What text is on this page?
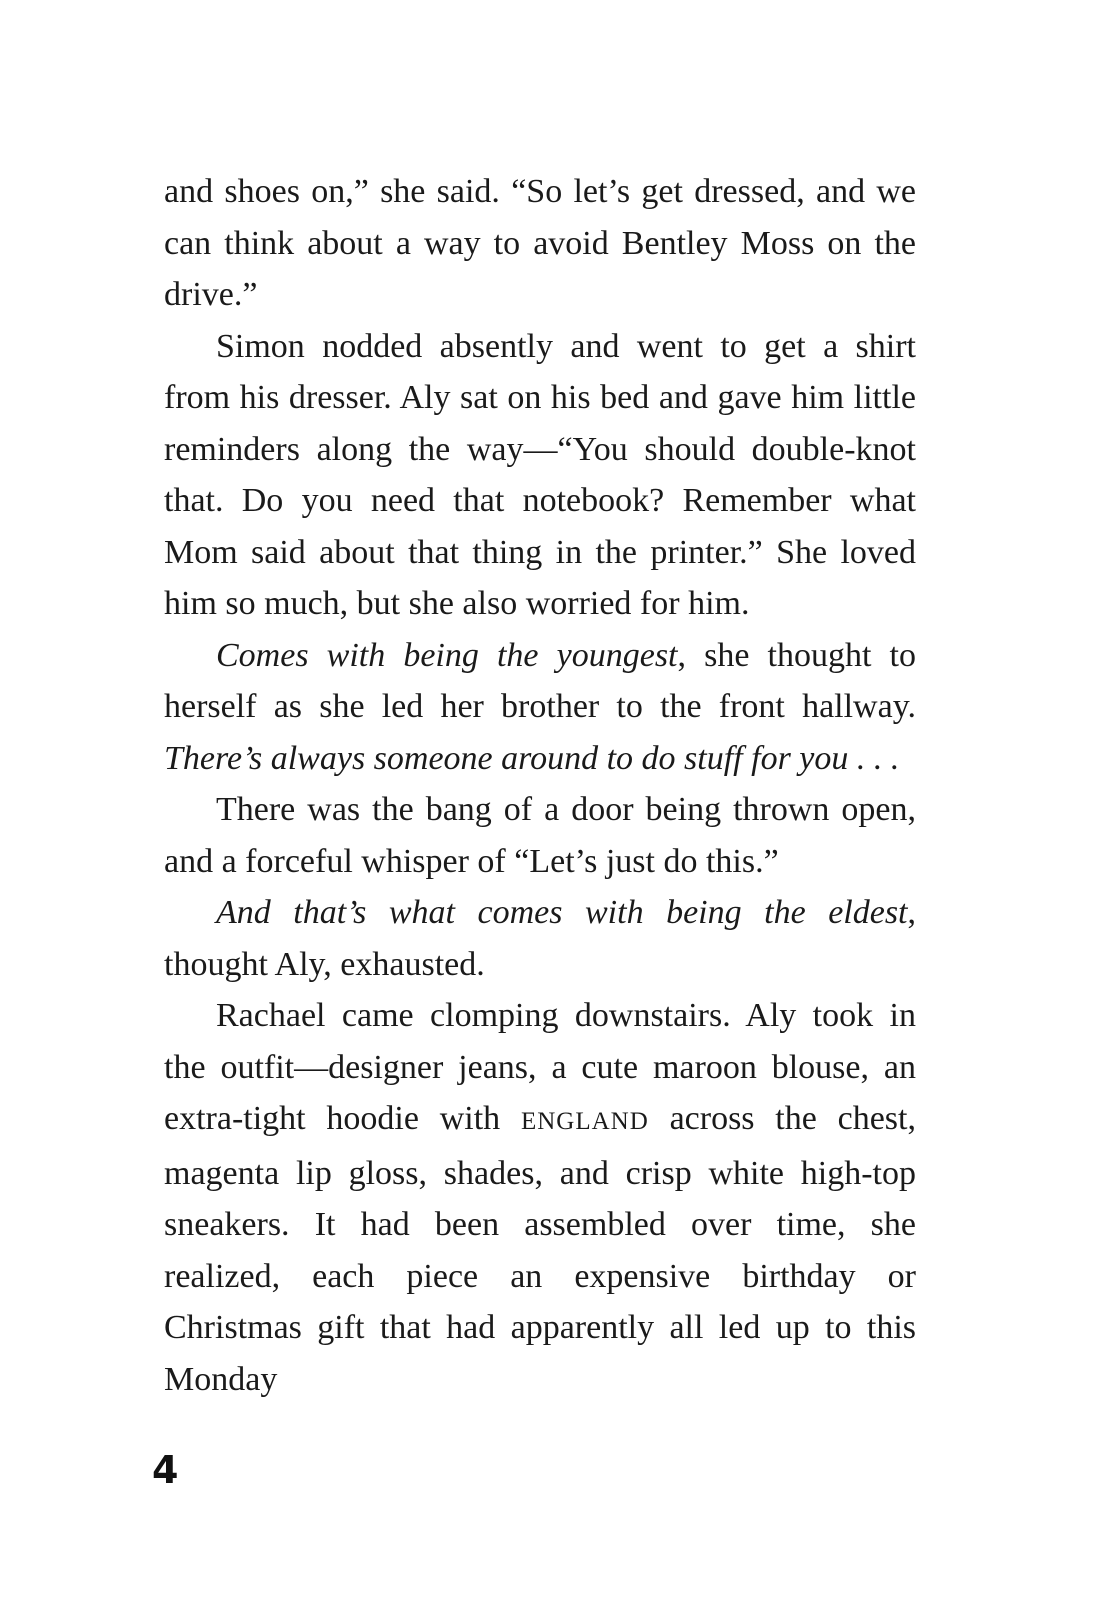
and shoes on,” she said. “So let’s get dressed, and we can think about a way to avoid Bentley Moss on the drive.”

Simon nodded absently and went to get a shirt from his dresser. Aly sat on his bed and gave him little reminders along the way—“You should double-knot that. Do you need that notebook? Remember what Mom said about that thing in the printer.” She loved him so much, but she also worried for him.

Comes with being the youngest, she thought to herself as she led her brother to the front hallway. There’s always someone around to do stuff for you . . .

There was the bang of a door being thrown open, and a forceful whisper of “Let’s just do this.”

And that’s what comes with being the eldest, thought Aly, exhausted.

Rachael came clomping downstairs. Aly took in the outfit—designer jeans, a cute maroon blouse, an extra-tight hoodie with ENGLAND across the chest, magenta lip gloss, shades, and crisp white high-top sneakers. It had been assembled over time, she realized, each piece an expensive birthday or Christmas gift that had apparently all led up to this Monday

4
